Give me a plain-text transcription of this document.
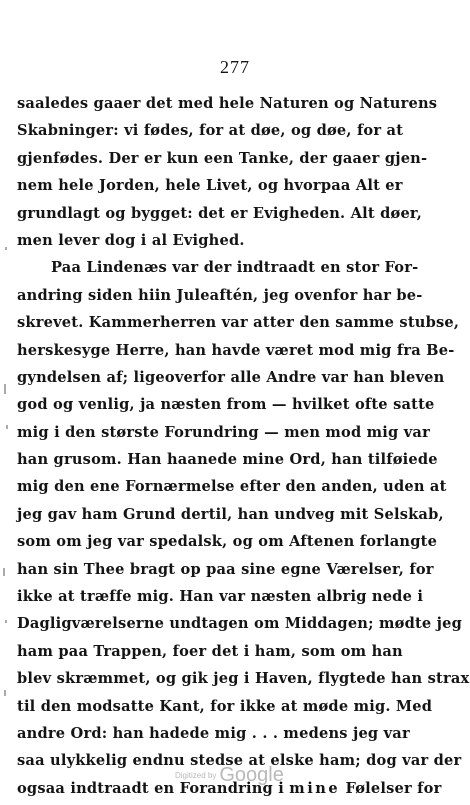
277
saaledes gaaer det med hele Naturen og Naturens
Skabninger: vi fødes, for at døe, og døe, for at
gjenfødes. Der er kun een Tanke, der gaaer gjen-
nem hele Jorden, hele Livet, og hvorpaa Alt er
grundlagt og bygget: det er Evigheden. Alt døer,
men lever dog i al Evighed.
Paa Lindenæs var der indtraadt en stor For-
andring siden hiin Juleaftén, jeg ovenfor har be-
skrevet. Kammerherren var atter den samme stubse,
herskesyge Herre, han havde været mod mig fra Be-
gyndelsen af; ligeoverfor alle Andre var han bleven
god og venlig, ja næsten from — hvilket ofte satte
mig i den største Forundring — men mod mig var
han grusom. Han haanede mine Ord, han tilføiede
mig den ene Fornærmelse efter den anden, uden at
jeg gav ham Grund dertil, han undveg mit Selskab,
som om jeg var spedalsk, og om Aftenen forlangte
han sin Thee bragt op paa sine egne Værelser, for
ikke at træffe mig. Han var næsten albrig nede i
Dagligværelserne undtagen om Middagen; mødte jeg
ham paa Trappen, foer det i ham, som om han
blev skræmmet, og gik jeg i Haven, flygtede han strax
til den modsatte Kant, for ikke at møde mig. Med
andre Ord: han hadede mig . . . medens jeg var
saa ulykkelig endnu stedse at elske ham; dog var der
ogsaa indtraadt en Forandring i mine Følelser for
Digitized by Google
